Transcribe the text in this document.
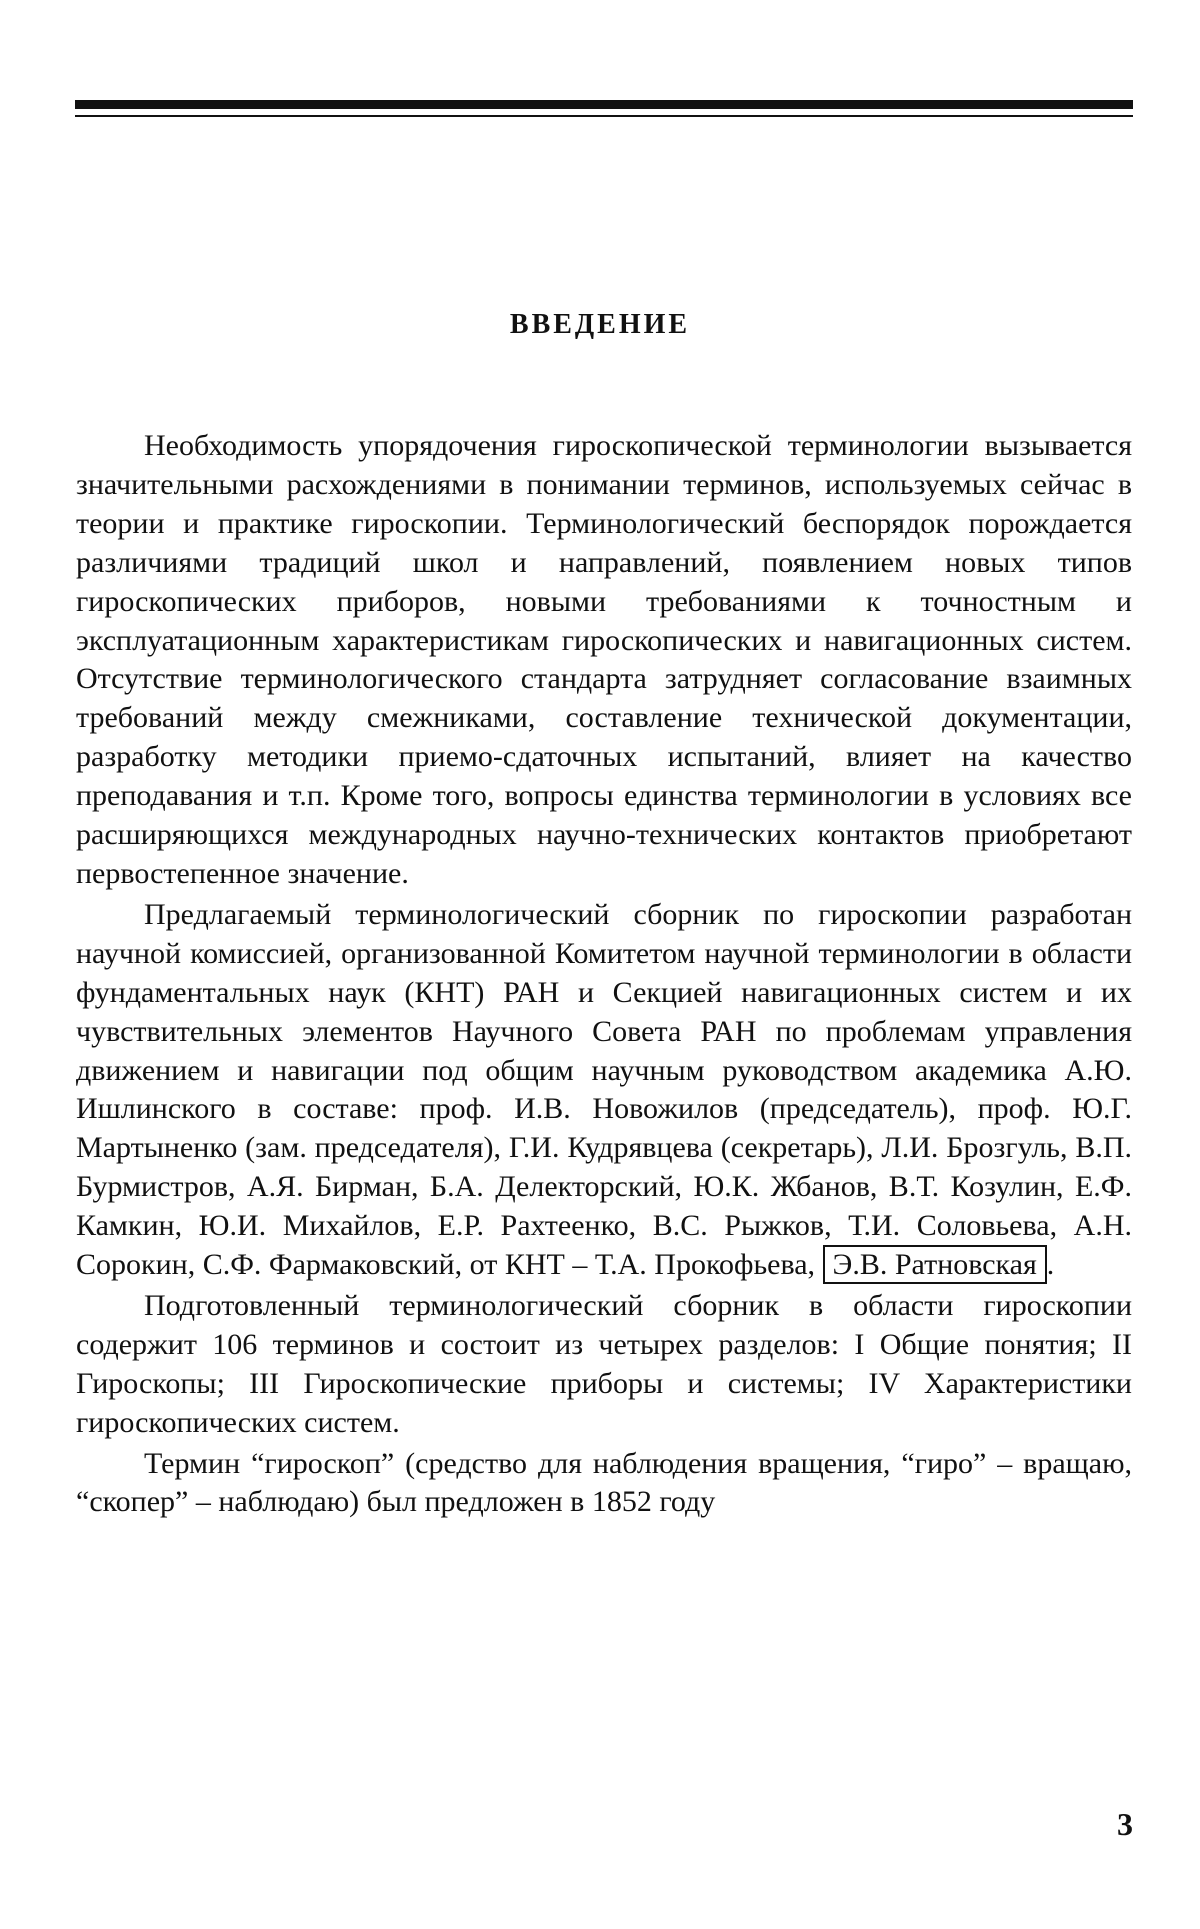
ВВЕДЕНИЕ

Необходимость упорядочения гироскопической терминологии вызывается значительными расхождениями в понимании терминов, используемых сейчас в теории и практике гироскопии. Терминологический беспорядок порождается различиями традиций школ и направлений, появлением новых типов гироскопических приборов, новыми требованиями к точностным и эксплуатационным характеристикам гироскопических и навигационных систем. Отсутствие терминологического стандарта затрудняет согласование взаимных требований между смежниками, составление технической документации, разработку методики приемо-сдаточных испытаний, влияет на качество преподавания и т.п. Кроме того, вопросы единства терминологии в условиях все расширяющихся международных научно-технических контактов приобретают первостепенное значение.

Предлагаемый терминологический сборник по гироскопии разработан научной комиссией, организованной Комитетом научной терминологии в области фундаментальных наук (КНТ) РАН и Секцией навигационных систем и их чувствительных элементов Научного Совета РАН по проблемам управления движением и навигации под общим научным руководством академика А.Ю. Ишлинского в составе: проф. И.В. Новожилов (председатель), проф. Ю.Г. Мартыненко (зам. председателя), Г.И. Кудрявцева (секретарь), Л.И. Брозгуль, В.П. Бурмистров, А.Я. Бирман, Б.А. Делекторский, Ю.К. Жбанов, В.Т. Козулин, Е.Ф. Камкин, Ю.И. Михайлов, Е.Р. Рахтеенко, В.С. Рыжков, Т.И. Соловьева, А.Н. Сорокин, С.Ф. Фармаковский, от КНТ – Т.А. Прокофьева, Э.В. Ратновская .

Подготовленный терминологический сборник в области гироскопии содержит 106 терминов и состоит из четырех разделов: I Общие понятия; II Гироскопы; III Гироскопические приборы и системы; IV Характеристики гироскопических систем.

Термин “гироскоп” (средство для наблюдения вращения, “гиро” – вращаю, “скопер” – наблюдаю) был предложен в 1852 году

3
